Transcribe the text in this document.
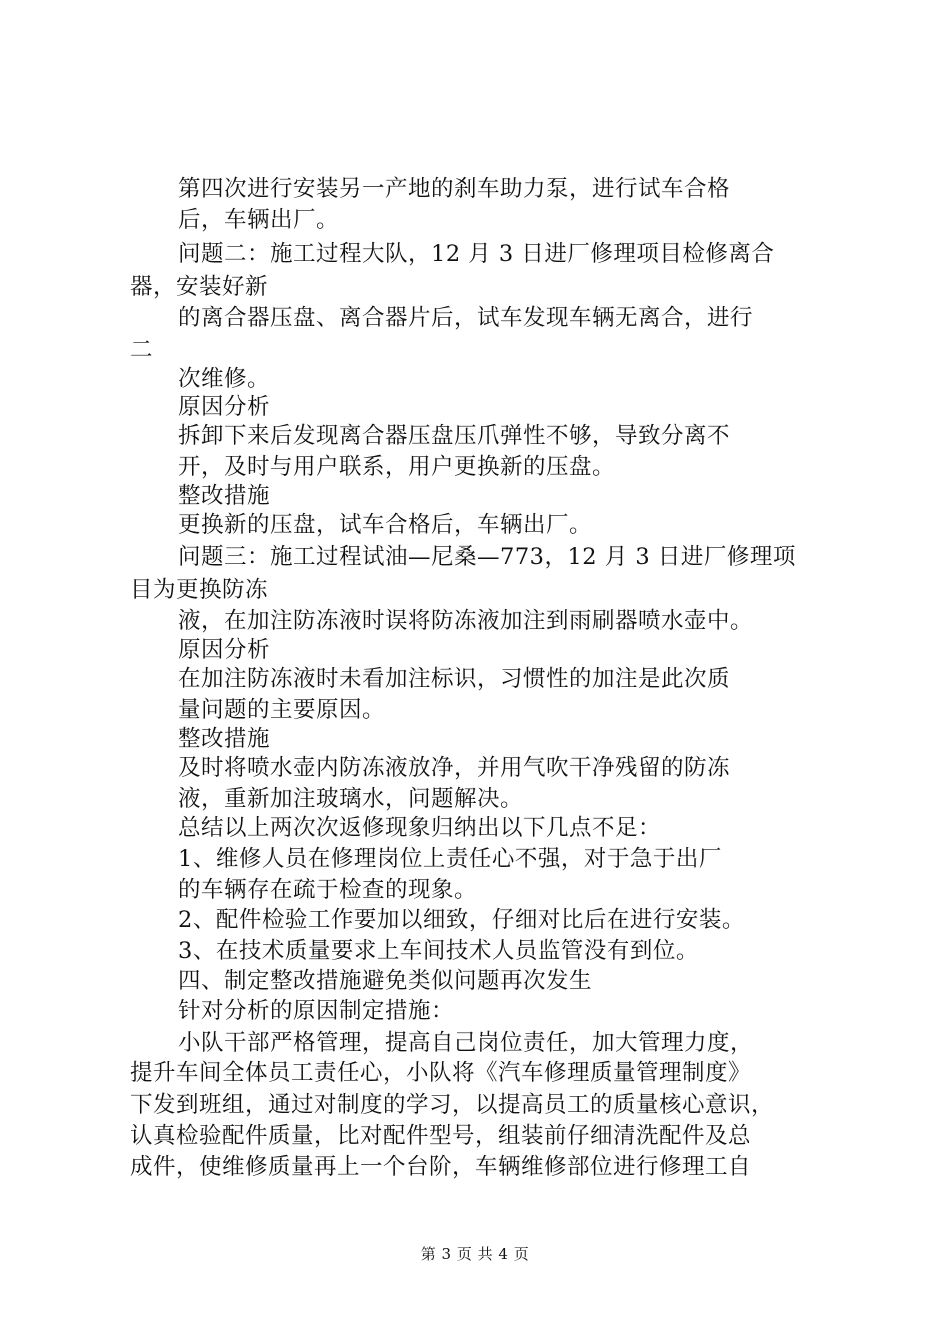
第四次进行安装另一产地的刹车助力泵，进行试车合格
后，车辆出厂。
问题二：施工过程大队，12 月 3 日进厂修理项目检修离合
器，安装好新
的离合器压盘、离合器片后，试车发现车辆无离合，进行
二
次维修。
原因分析
拆卸下来后发现离合器压盘压爪弹性不够，导致分离不
开，及时与用户联系，用户更换新的压盘。
整改措施
更换新的压盘，试车合格后，车辆出厂。
问题三：施工过程试油—尼桑—773，12 月 3 日进厂修理项
目为更换防冻
液，在加注防冻液时误将防冻液加注到雨刷器喷水壶中。
原因分析
在加注防冻液时未看加注标识，习惯性的加注是此次质
量问题的主要原因。
整改措施
及时将喷水壶内防冻液放净，并用气吹干净残留的防冻
液，重新加注玻璃水，问题解决。
总结以上两次次返修现象归纳出以下几点不足：
1、维修人员在修理岗位上责任心不强，对于急于出厂
的车辆存在疏于检查的现象。
2、配件检验工作要加以细致，仔细对比后在进行安装。
3、在技术质量要求上车间技术人员监管没有到位。
四、制定整改措施避免类似问题再次发生
针对分析的原因制定措施：
小队干部严格管理，提高自己岗位责任，加大管理力度，
提升车间全体员工责任心，小队将《汽车修理质量管理制度》
下发到班组，通过对制度的学习，以提高员工的质量核心意识，
认真检验配件质量，比对配件型号，组装前仔细清洗配件及总
成件，使维修质量再上一个台阶，车辆维修部位进行修理工自
第 3 页 共 4 页
